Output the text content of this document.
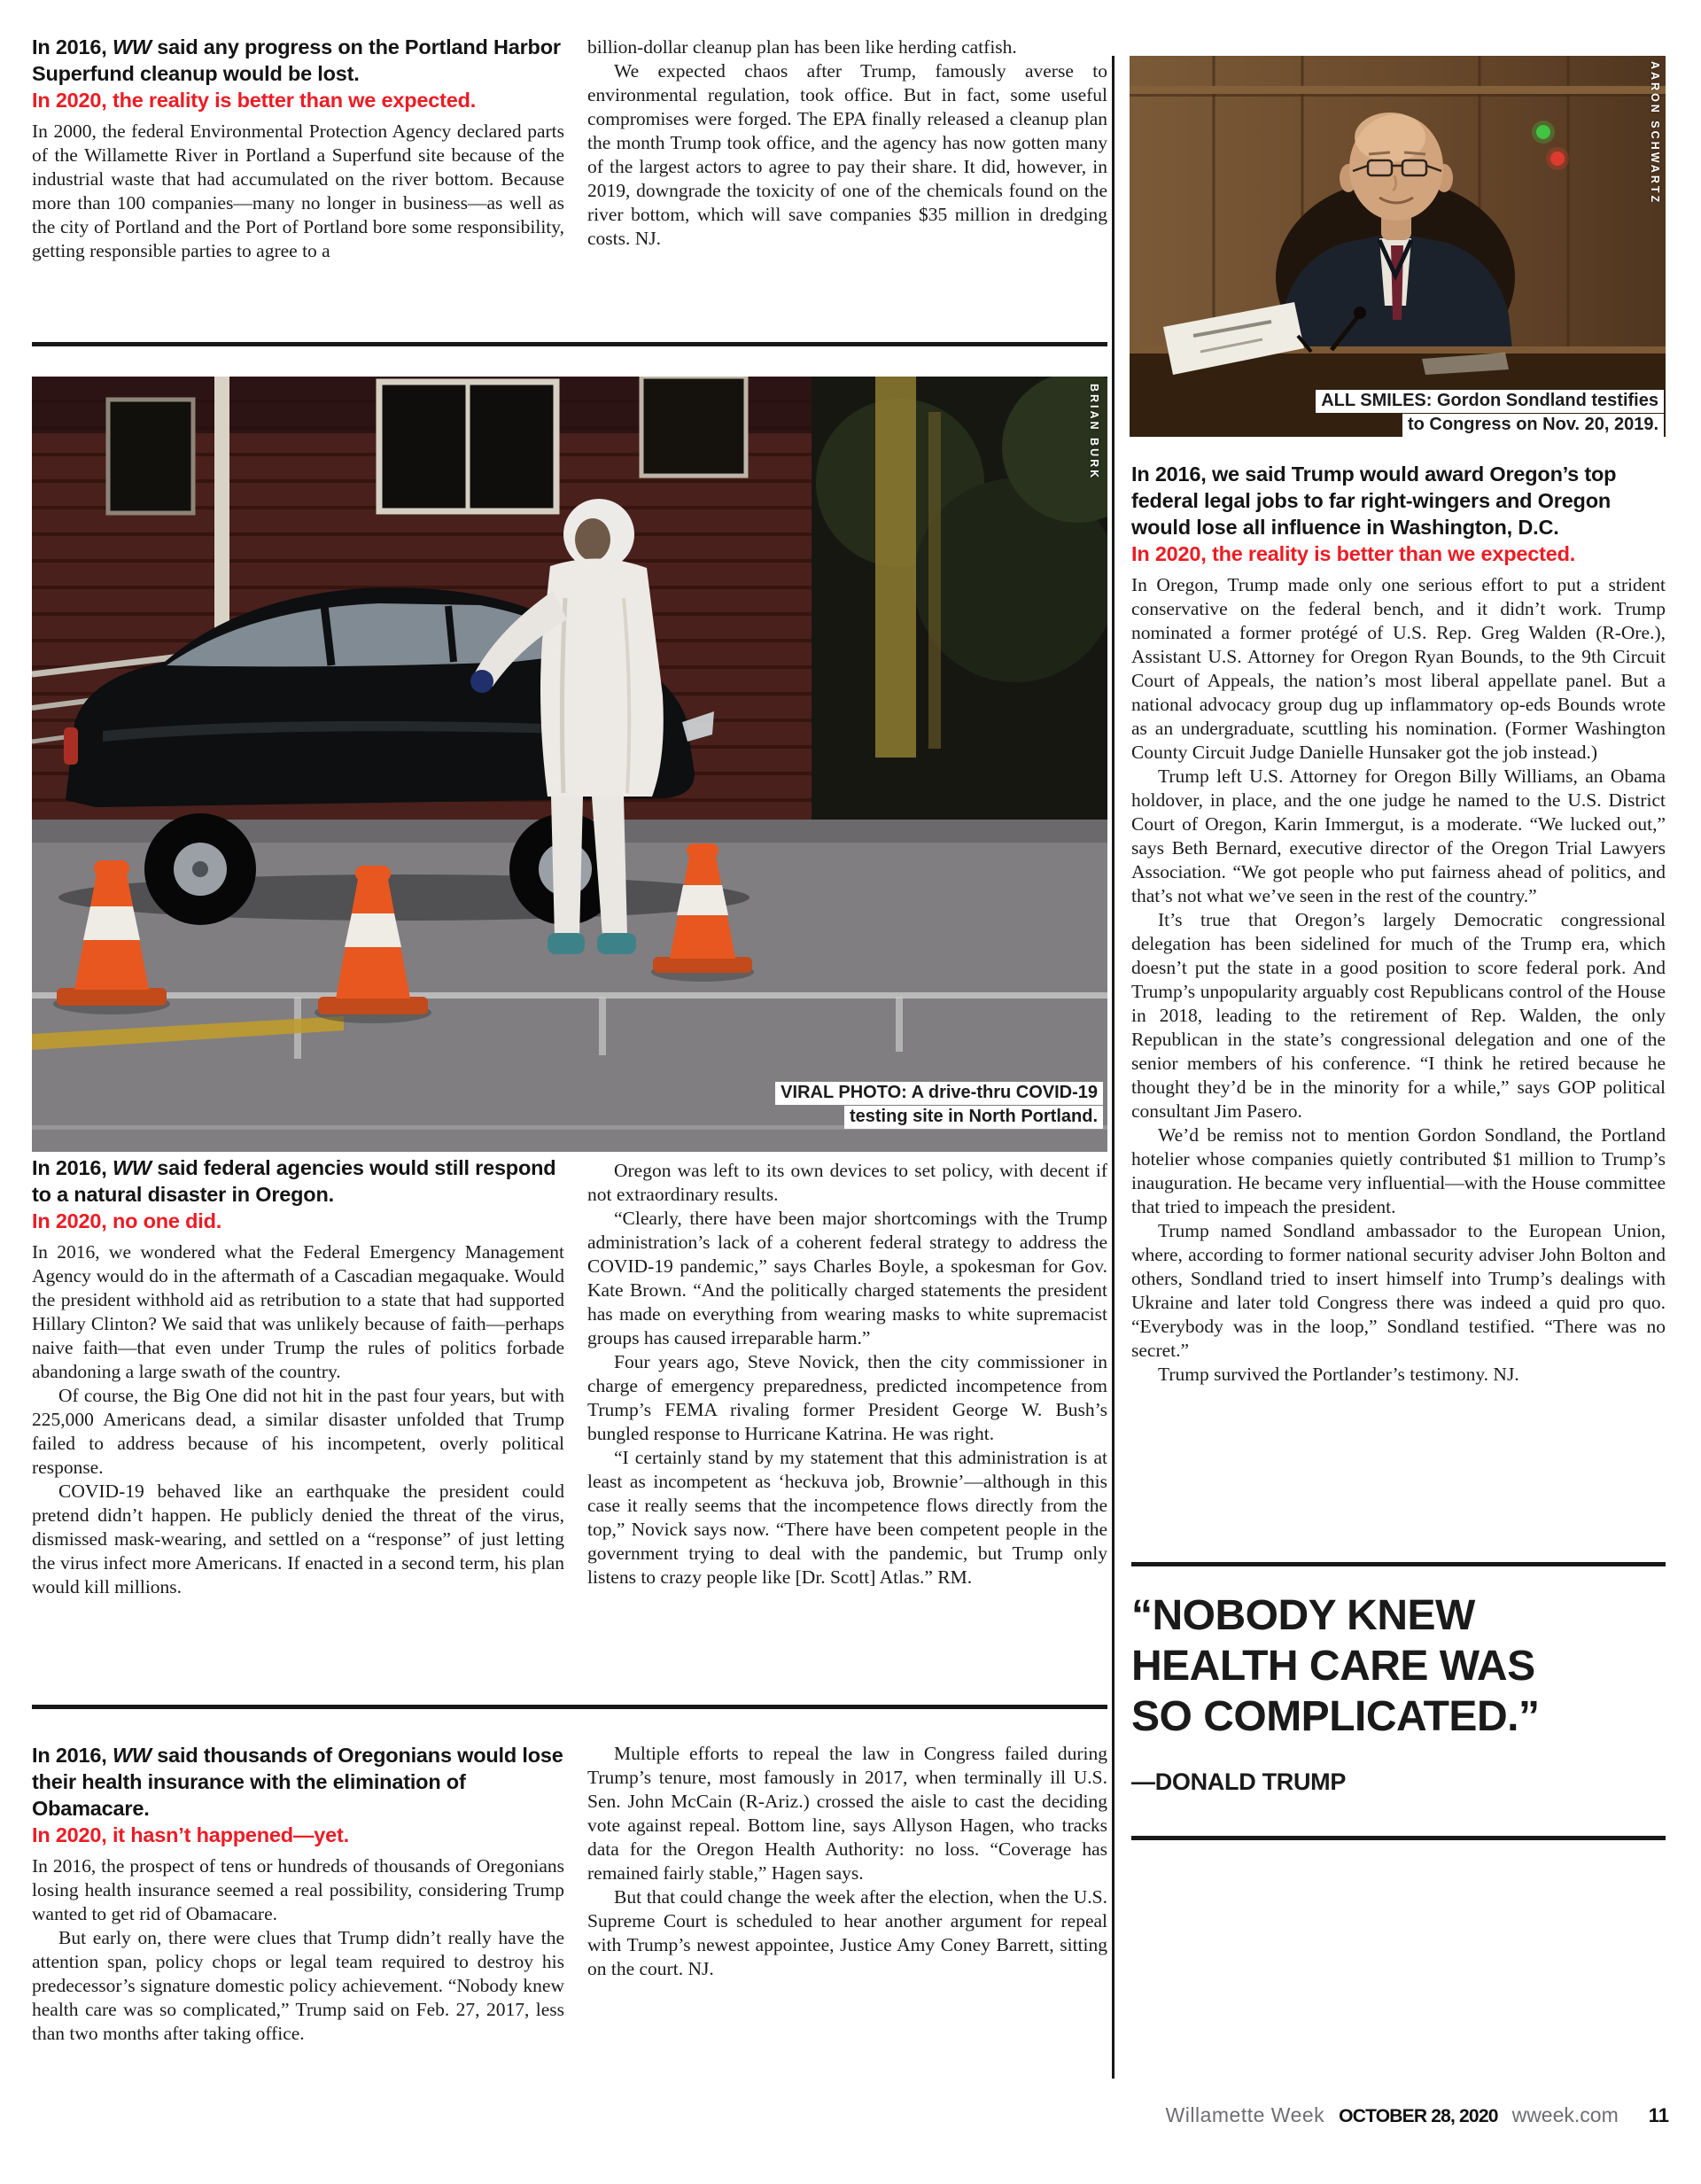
In 2016, WW said any progress on the Portland Harbor Superfund cleanup would be lost.
In 2020, the reality is better than we expected.

In 2000, the federal Environmental Protection Agency declared parts of the Willamette River in Portland a Superfund site because of the industrial waste that had accumulated on the river bottom. Because more than 100 companies—many no longer in business—as well as the city of Portland and the Port of Portland bore some responsibility, getting responsible parties to agree to a

billion-dollar cleanup plan has been like herding catfish.

We expected chaos after Trump, famously averse to environmental regulation, took office. But in fact, some useful compromises were forged. The EPA finally released a cleanup plan the month Trump took office, and the agency has now gotten many of the largest actors to agree to pay their share. It did, however, in 2019, downgrade the toxicity of one of the chemicals found on the river bottom, which will save companies $35 million in dredging costs. NJ.

BRIAN BURK
VIRAL PHOTO: A drive-thru COVID-19
testing site in North Portland.
In 2016, WW said federal agencies would still respond to a natural disaster in Oregon.
In 2020, no one did.

In 2016, we wondered what the Federal Emergency Management Agency would do in the aftermath of a Cascadian megaquake. Would the president withhold aid as retribution to a state that had supported Hillary Clinton? We said that was unlikely because of faith—perhaps naive faith—that even under Trump the rules of politics forbade abandoning a large swath of the country.

Of course, the Big One did not hit in the past four years, but with 225,000 Americans dead, a similar disaster unfolded that Trump failed to address because of his incompetent, overly political response.

COVID-19 behaved like an earthquake the president could pretend didn’t happen. He publicly denied the threat of the virus, dismissed mask-wearing, and settled on a “response” of just letting the virus infect more Americans. If enacted in a second term, his plan would kill millions.

Oregon was left to its own devices to set policy, with decent if not extraordinary results.

“Clearly, there have been major shortcomings with the Trump administration’s lack of a coherent federal strategy to address the COVID-19 pandemic,” says Charles Boyle, a spokesman for Gov. Kate Brown. “And the politically charged statements the president has made on everything from wearing masks to white supremacist groups has caused irreparable harm.”

Four years ago, Steve Novick, then the city commissioner in charge of emergency preparedness, predicted incompetence from Trump’s FEMA rivaling former President George W. Bush’s bungled response to Hurricane Katrina. He was right.

“I certainly stand by my statement that this administration is at least as incompetent as ‘heckuva job, Brownie’—although in this case it really seems that the incompetence flows directly from the top,” Novick says now. “There have been competent people in the government trying to deal with the pandemic, but Trump only listens to crazy people like [Dr. Scott] Atlas.” RM.

In 2016, WW said thousands of Oregonians would lose their health insurance with the elimination of Obamacare.
In 2020, it hasn’t happened—yet.

In 2016, the prospect of tens or hundreds of thousands of Oregonians losing health insurance seemed a real possibility, considering Trump wanted to get rid of Obamacare.

But early on, there were clues that Trump didn’t really have the attention span, policy chops or legal team required to destroy his predecessor’s signature domestic policy achievement. “Nobody knew health care was so complicated,” Trump said on Feb. 27, 2017, less than two months after taking office.

Multiple efforts to repeal the law in Congress failed during Trump’s tenure, most famously in 2017, when terminally ill U.S. Sen. John McCain (R-Ariz.) crossed the aisle to cast the deciding vote against repeal. Bottom line, says Allyson Hagen, who tracks data for the Oregon Health Authority: no loss. “Coverage has remained fairly stable,” Hagen says.

But that could change the week after the election, when the U.S. Supreme Court is scheduled to hear another argument for repeal with Trump’s newest appointee, Justice Amy Coney Barrett, sitting on the court. NJ.

AARON SCHWARTZ
ALL SMILES: Gordon Sondland testifies
to Congress on Nov. 20, 2019.
In 2016, we said Trump would award Oregon’s top federal legal jobs to far right-wingers and Oregon would lose all influence in Washington, D.C.
In 2020, the reality is better than we expected.

In Oregon, Trump made only one serious effort to put a strident conservative on the federal bench, and it didn’t work. Trump nominated a former protégé of U.S. Rep. Greg Walden (R-Ore.), Assistant U.S. Attorney for Oregon Ryan Bounds, to the 9th Circuit Court of Appeals, the nation’s most liberal appellate panel. But a national advocacy group dug up inflammatory op-eds Bounds wrote as an undergraduate, scuttling his nomination. (Former Washington County Circuit Judge Danielle Hunsaker got the job instead.)

Trump left U.S. Attorney for Oregon Billy Williams, an Obama holdover, in place, and the one judge he named to the U.S. District Court of Oregon, Karin Immergut, is a moderate. “We lucked out,” says Beth Bernard, executive director of the Oregon Trial Lawyers Association. “We got people who put fairness ahead of politics, and that’s not what we’ve seen in the rest of the country.”

It’s true that Oregon’s largely Democratic congressional delegation has been sidelined for much of the Trump era, which doesn’t put the state in a good position to score federal pork. And Trump’s unpopularity arguably cost Republicans control of the House in 2018, leading to the retirement of Rep. Walden, the only Republican in the state’s congressional delegation and one of the senior members of his conference. “I think he retired because he thought they’d be in the minority for a while,” says GOP political consultant Jim Pasero.

We’d be remiss not to mention Gordon Sondland, the Portland hotelier whose companies quietly contributed $1 million to Trump’s inauguration. He became very influential—with the House committee that tried to impeach the president.

Trump named Sondland ambassador to the European Union, where, according to former national security adviser John Bolton and others, Sondland tried to insert himself into Trump’s dealings with Ukraine and later told Congress there was indeed a quid pro quo. “Everybody was in the loop,” Sondland testified. “There was no secret.”

Trump survived the Portlander’s testimony. NJ.

“NOBODY KNEW
HEALTH CARE WAS
SO COMPLICATED.”
—DONALD TRUMP
Willamette Week OCTOBER 28, 2020 wweek.com 11
